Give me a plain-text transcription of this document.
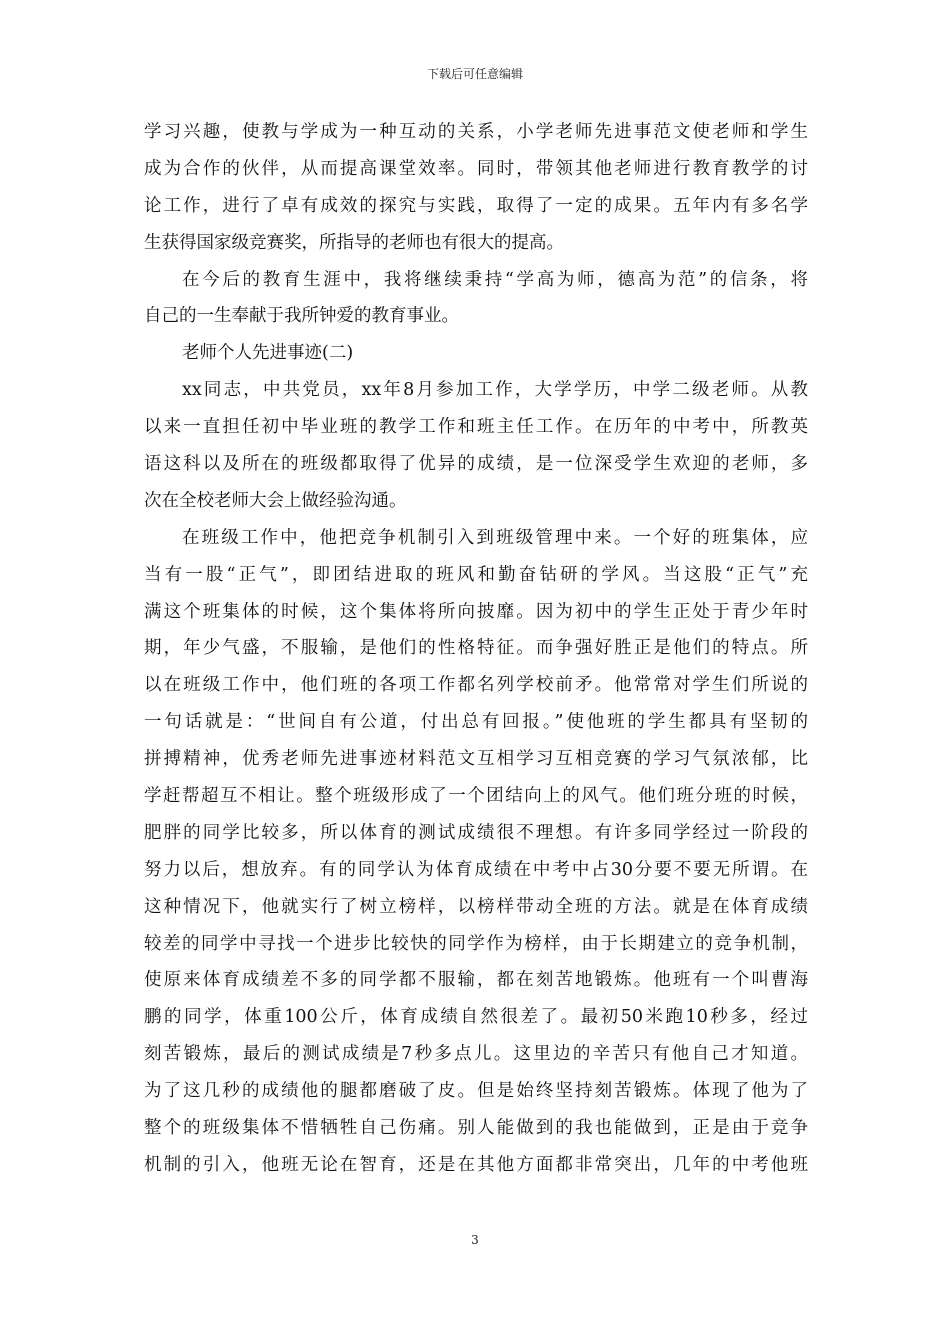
下载后可任意编辑
学习兴趣，使教与学成为一种互动的关系，小学老师先进事范文使老师和学生
成为合作的伙伴，从而提高课堂效率。同时，带领其他老师进行教育教学的讨
论工作，进行了卓有成效的探究与实践，取得了一定的成果。五年内有多名学
生获得国家级竞赛奖，所指导的老师也有很大的提高。
在今后的教育生涯中，我将继续秉持“学高为师，德高为范”的信条，将
自己的一生奉献于我所钟爱的教育事业。
老师个人先进事迹(二)
xx同志，中共党员，xx年8月参加工作，大学学历，中学二级老师。从教
以来一直担任初中毕业班的教学工作和班主任工作。在历年的中考中，所教英
语这科以及所在的班级都取得了优异的成绩，是一位深受学生欢迎的老师，多
次在全校老师大会上做经验沟通。
在班级工作中，他把竞争机制引入到班级管理中来。一个好的班集体，应
当有一股“正气”，即团结进取的班风和勤奋钻研的学风。当这股“正气”充
满这个班集体的时候，这个集体将所向披靡。因为初中的学生正处于青少年时
期，年少气盛，不服输，是他们的性格特征。而争强好胜正是他们的特点。所
以在班级工作中，他们班的各项工作都名列学校前矛。他常常对学生们所说的
一句话就是：“世间自有公道，付出总有回报。”使他班的学生都具有坚韧的
拼搏精神，优秀老师先进事迹材料范文互相学习互相竞赛的学习气氛浓郁，比
学赶帮超互不相让。整个班级形成了一个团结向上的风气。他们班分班的时候，
肥胖的同学比较多，所以体育的测试成绩很不理想。有许多同学经过一阶段的
努力以后，想放弃。有的同学认为体育成绩在中考中占30分要不要无所谓。在
这种情况下，他就实行了树立榜样，以榜样带动全班的方法。就是在体育成绩
较差的同学中寻找一个进步比较快的同学作为榜样，由于长期建立的竞争机制，
使原来体育成绩差不多的同学都不服输，都在刻苦地锻炼。他班有一个叫曹海
鹏的同学，体重100公斤，体育成绩自然很差了。最初50米跑10秒多，经过
刻苦锻炼，最后的测试成绩是7秒多点儿。这里边的辛苦只有他自己才知道。
为了这几秒的成绩他的腿都磨破了皮。但是始终坚持刻苦锻炼。体现了他为了
整个的班级集体不惜牺牲自己伤痛。别人能做到的我也能做到，正是由于竞争
机制的引入，他班无论在智育，还是在其他方面都非常突出，几年的中考他班
3
